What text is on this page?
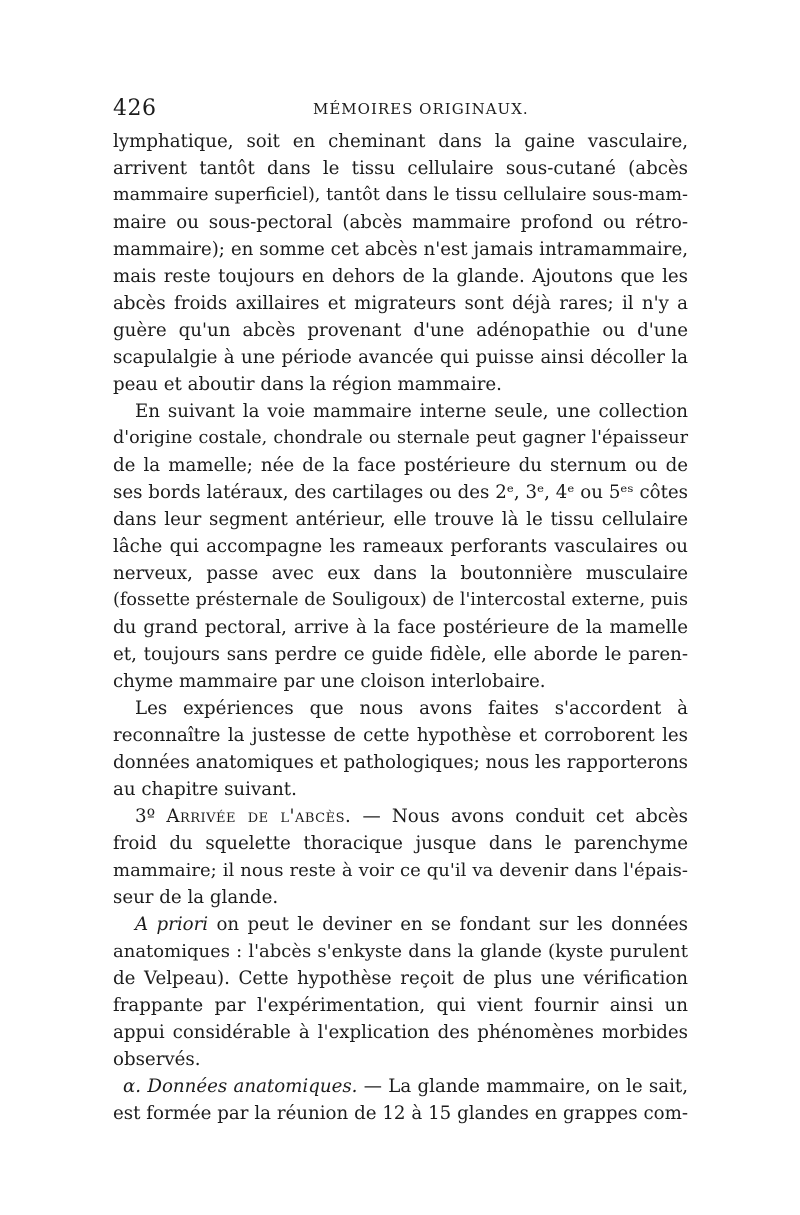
426	MÉMOIRES ORIGINAUX.
lymphatique, soit en cheminant dans la gaine vasculaire,
arrivent tantôt dans le tissu cellulaire sous-cutané (abcès
mammaire superficiel), tantôt dans le tissu cellulaire sous-mam-
maire ou sous-pectoral (abcès mammaire profond ou rétro-
mammaire); en somme cet abcès n'est jamais intramammaire,
mais reste toujours en dehors de la glande. Ajoutons que les
abcès froids axillaires et migrateurs sont déjà rares; il n'y a
guère qu'un abcès provenant d'une adénopathie ou d'une
scapulalgie à une période avancée qui puisse ainsi décoller la
peau et aboutir dans la région mammaire.
En suivant la voie mammaire interne seule, une collection
d'origine costale, chondrale ou sternale peut gagner l'épaisseur
de la mamelle; née de la face postérieure du sternum ou de
ses bords latéraux, des cartilages ou des 2ᵉ, 3ᵉ, 4ᵉ ou 5ᵉˢ côtes
dans leur segment antérieur, elle trouve là le tissu cellulaire
lâche qui accompagne les rameaux perforants vasculaires ou
nerveux, passe avec eux dans la boutonnière musculaire
(fossette présternale de Souligoux) de l'intercostal externe, puis
du grand pectoral, arrive à la face postérieure de la mamelle
et, toujours sans perdre ce guide fidèle, elle aborde le paren-
chyme mammaire par une cloison interlobaire.
Les expériences que nous avons faites s'accordent à
reconnaître la justesse de cette hypothèse et corroborent les
données anatomiques et pathologiques; nous les rapporterons
au chapitre suivant.
3º Arrivée de l'abcès. — Nous avons conduit cet abcès
froid du squelette thoracique jusque dans le parenchyme
mammaire; il nous reste à voir ce qu'il va devenir dans l'épais-
seur de la glande.
A priori on peut le deviner en se fondant sur les données
anatomiques : l'abcès s'enkyste dans la glande (kyste purulent
de Velpeau). Cette hypothèse reçoit de plus une vérification
frappante par l'expérimentation, qui vient fournir ainsi un
appui considérable à l'explication des phénomènes morbides
observés.
α. Données anatomiques. — La glande mammaire, on le sait,
est formée par la réunion de 12 à 15 glandes en grappes com-
